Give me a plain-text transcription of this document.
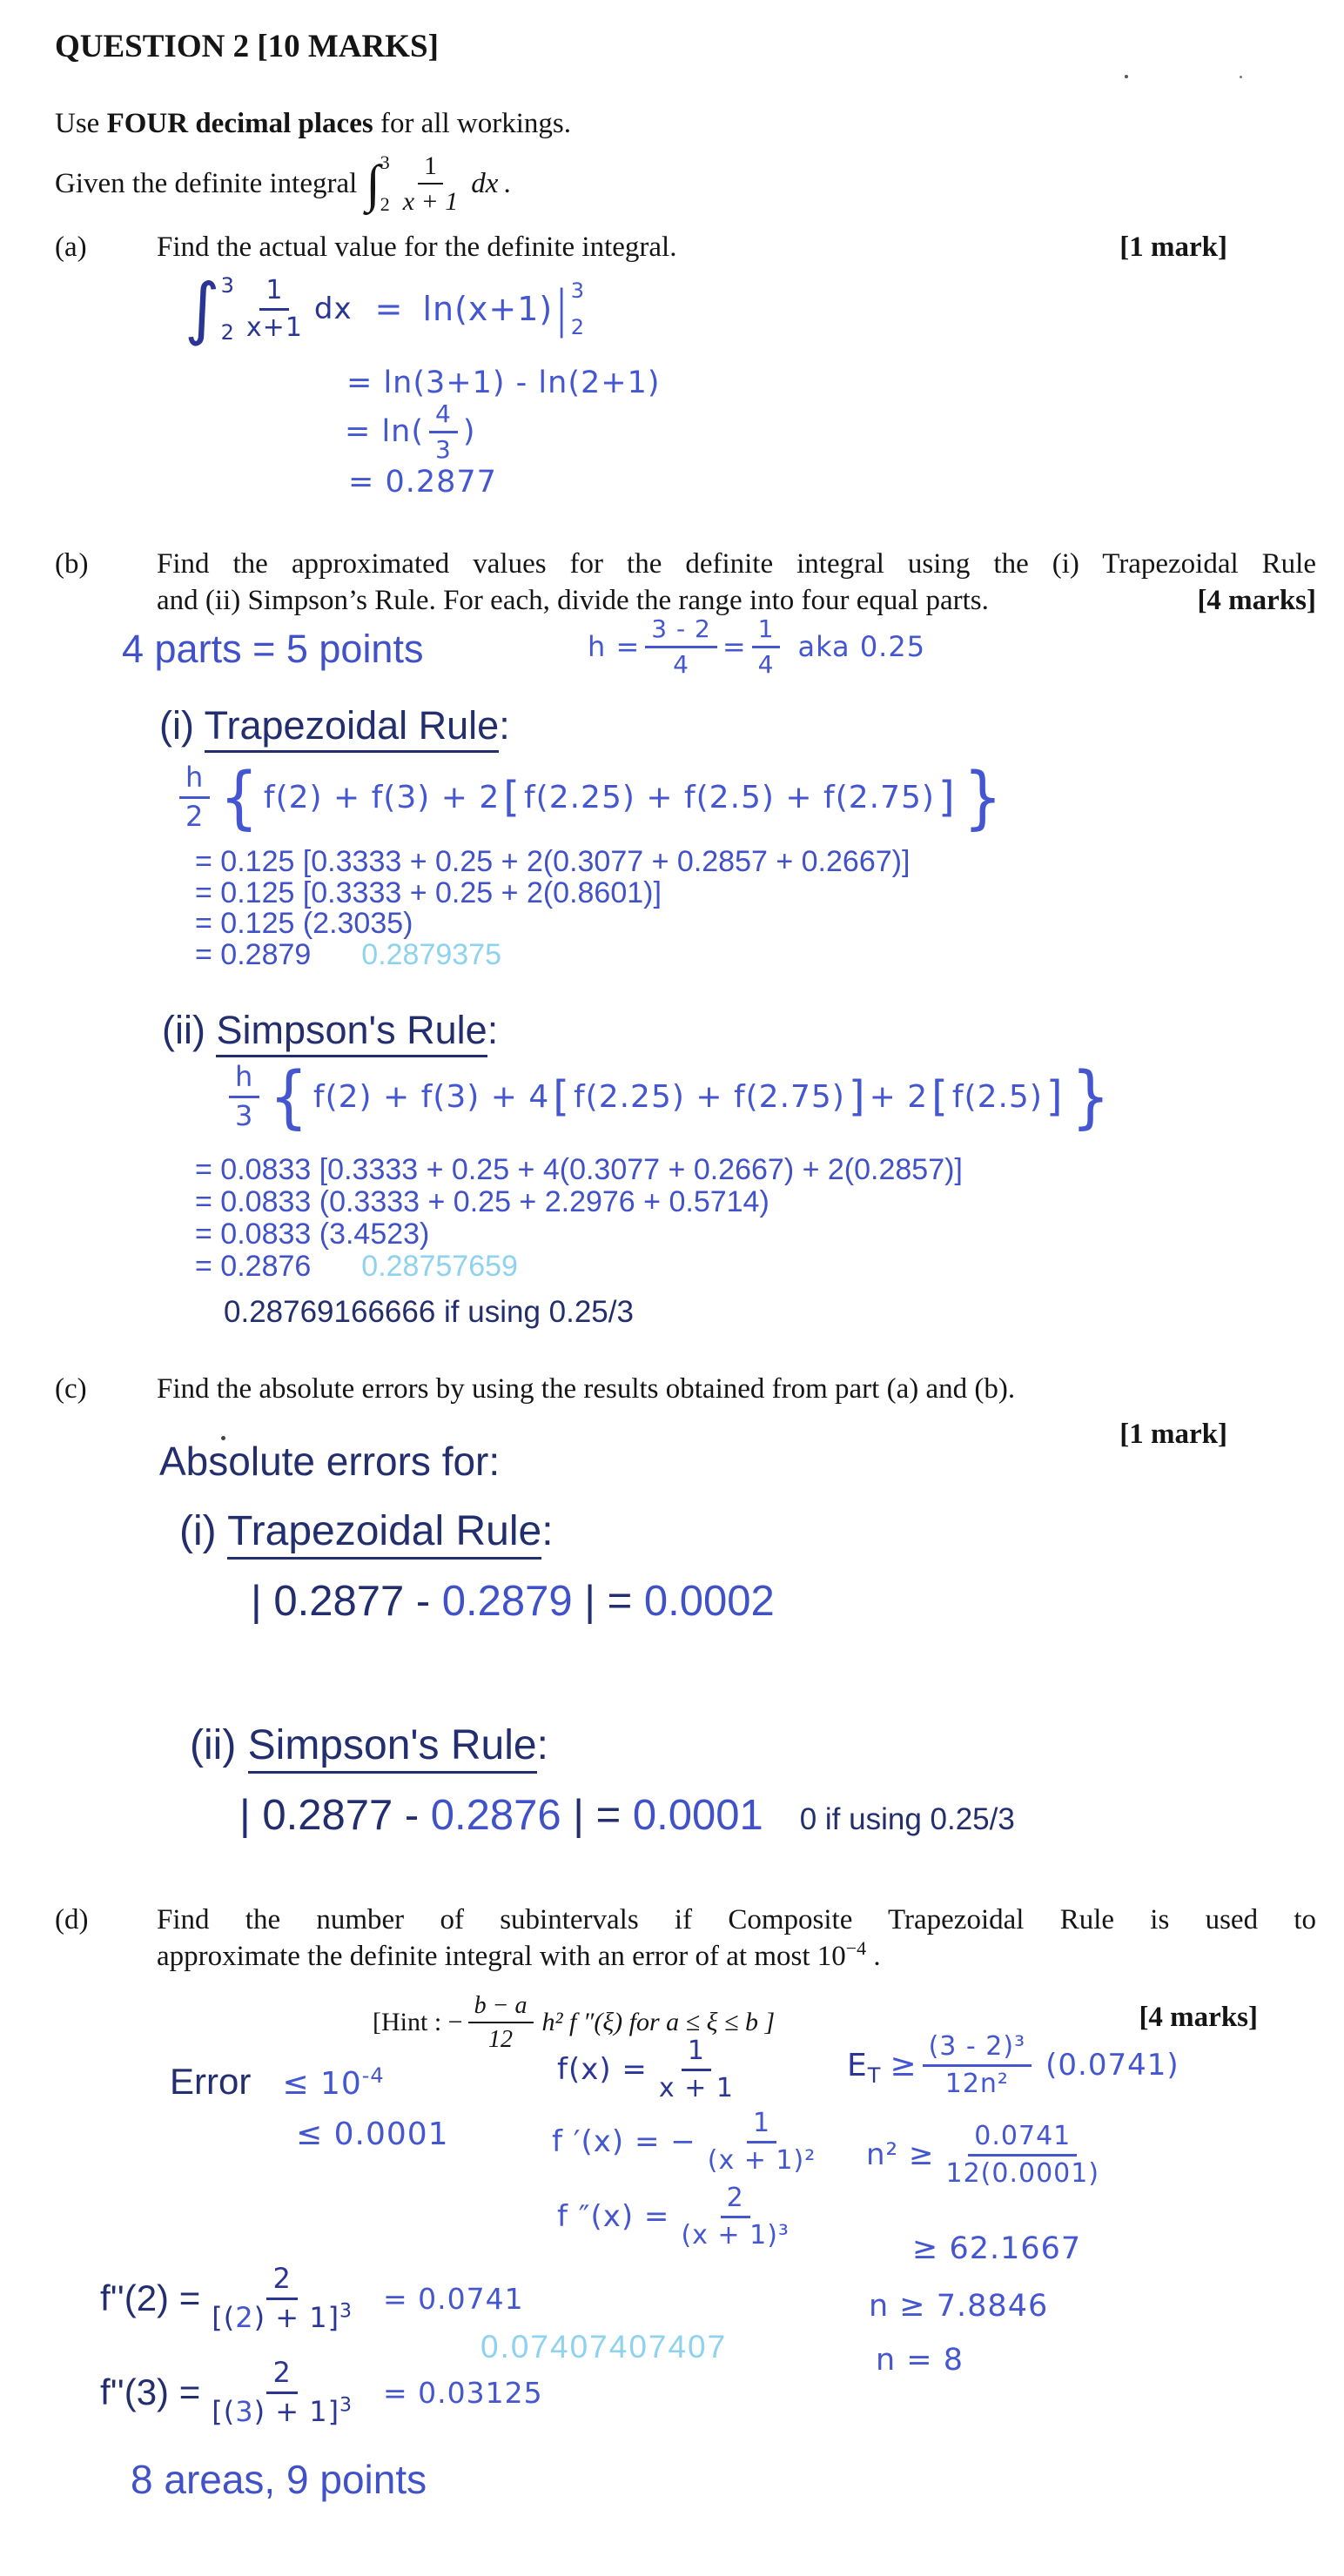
QUESTION 2 [10 MARKS]
Use FOUR decimal places for all workings.
Given the definite integral ∫ 3
$2 \frac{1}{x + 1}$ dx .
(a) Find the actual value for the definite integral.	[1 mark]
∫ 3
$2 \frac{1}{x+1}$ dx = ln(x+1) | 3
2
= ln(3+1) - ln(2+1)
= $\ln( \frac{4}{3}$ )
= 0.2877
(b) Find the approximated values for the definite integral using the (i) Trapezoidal Rule
and (ii) Simpson’s Rule. For each, divide the range into four equal parts.	[4 marks]
4 parts = 5 points	$h = \frac{3 - 2}{4} = \frac{1}{4}$ aka 0.25
(i) Trapezoidal Rule:
$\frac{h}{2}$ { f(2) + f(3) + 2 [ f(2.25) + f(2.5) + f(2.75) ] }
= 0.125 [0.3333 + 0.25 + 2(0.3077 + 0.2857 + 0.2667)]
= 0.125 [0.3333 + 0.25 + 2(0.8601)]
= 0.125 (2.3035)
= 0.2879 0.2879375
(ii) Simpson's Rule:
$\frac{h}{3}$ { f(2) + f(3) + 4 [ f(2.25) + f(2.75) ] + 2 [ f(2.5) ] }
= 0.0833 [0.3333 + 0.25 + 4(0.3077 + 0.2667) + 2(0.2857)]
= 0.0833 (0.3333 + 0.25 + 2.2976 + 0.5714)
= 0.0833 (3.4523)
= 0.2876 0.28757659
0.28769166666 if using 0.25/3
(c) Find the absolute errors by using the results obtained from part (a) and (b).
[1 mark]
Absolute errors for:
(i) Trapezoidal Rule:
| 0.2877 - 0.2879 | = 0.0002
(ii) Simpson's Rule:
| 0.2877 - 0.2876 | = 0.0001 0 if using 0.25/3
(d) Find the number of subintervals if Composite Trapezoidal Rule is used to
approximate the definite integral with an error of at most $10^{-4}$ .
[Hint : − $\frac{b - a}{12} h^2$ f ″(ξ) for a ≤ ξ ≤ b ]	[4 marks]
Error ≤ $10^{-4}$
≤ 0.0001
$f(x) = \frac{1}{x + 1}$
f ′(x) = − $\frac{1}{\text{(x + 1)²}}$
f $''(x) = \frac{2}{\text{(x + 1)³}}$
$E_T \ge \frac{\text{(3 - 2)³}}{\text{12n²}} (0.0741)$
$n^2 \ge \frac{0.0741}{12(0.0001)}$
≥ 62.1667
n ≥ 7.8846
n = 8
$f''(2) = \frac{2}{[(2) + 1]^3} = 0.0741$
0.07407407407
$f''(3) = \frac{2}{[(3) + 1]^3} = 0.03125$
8 areas, 9 points
